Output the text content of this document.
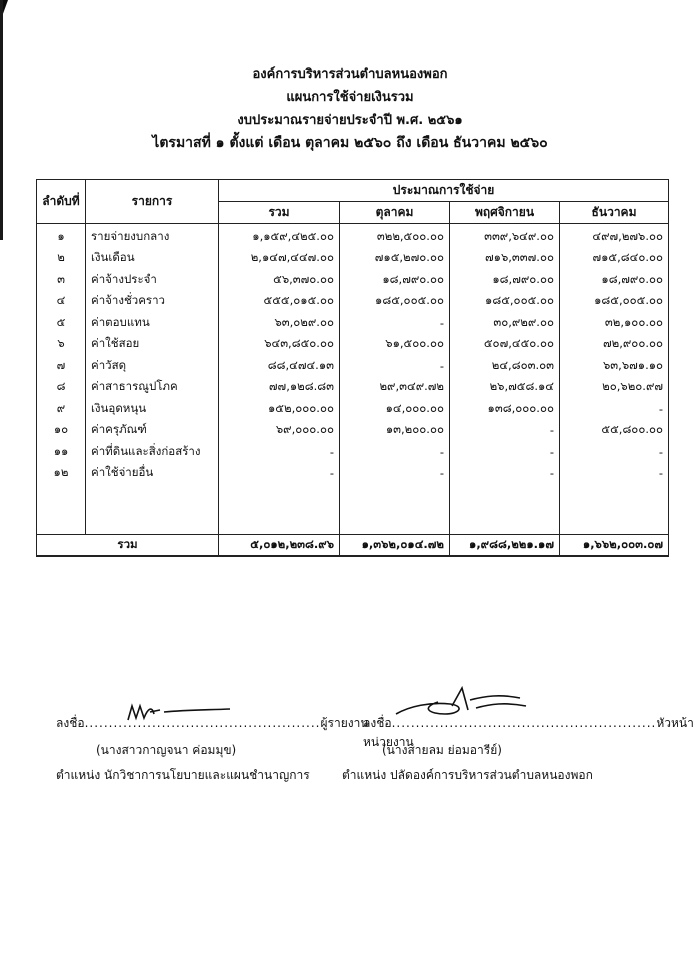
องค์การบริหารส่วนตำบลหนองพอก
แผนการใช้จ่ายเงินรวม
งบประมาณรายจ่ายประจำปี พ.ศ. ๒๕๖๑
ไตรมาสที่ ๑ ตั้งแต่ เดือน ตุลาคม ๒๕๖๐ ถึง เดือน ธันวาคม ๒๕๖๐
ลำดับที่	รายการ	ประมาณการใช้จ่าย			
		รวม	ตุลาคม	พฤศจิกายน	ธันวาคม
๑	รายจ่ายงบกลาง	๑,๑๕๙,๔๒๕.๐๐	๓๒๒,๕๐๐.๐๐	๓๓๙,๖๔๙.๐๐	๔๙๗,๒๗๖.๐๐
๒	เงินเดือน	๒,๑๔๗,๔๔๗.๐๐	๗๑๕,๒๗๐.๐๐	๗๑๖,๓๓๗.๐๐	๗๑๕,๘๔๐.๐๐
๓	ค่าจ้างประจำ	๕๖,๓๗๐.๐๐	๑๘,๗๙๐.๐๐	๑๘,๗๙๐.๐๐	๑๘,๗๙๐.๐๐
๔	ค่าจ้างชั่วคราว	๕๕๕,๐๑๕.๐๐	๑๘๕,๐๐๕.๐๐	๑๘๕,๐๐๕.๐๐	๑๘๕,๐๐๕.๐๐
๕	ค่าตอบแทน	๖๓,๐๒๙.๐๐	-	๓๐,๙๒๙.๐๐	๓๒,๑๐๐.๐๐
๖	ค่าใช้สอย	๖๔๓,๘๕๐.๐๐	๖๑,๕๐๐.๐๐	๕๐๗,๔๕๐.๐๐	๗๒,๙๐๐.๐๐
๗	ค่าวัสดุ	๘๘,๔๗๔.๑๓	-	๒๔,๘๐๓.๐๓	๖๓,๖๗๑.๑๐
๘	ค่าสาธารณูปโภค	๗๗,๑๒๘.๘๓	๒๙,๓๔๙.๗๒	๒๖,๗๕๘.๑๔	๒๐,๖๒๐.๙๗
๙	เงินอุดหนุน	๑๕๒,๐๐๐.๐๐	๑๔,๐๐๐.๐๐	๑๓๘,๐๐๐.๐๐	-
๑๐	ค่าครุภัณฑ์	๖๙,๐๐๐.๐๐	๑๓,๒๐๐.๐๐	-	๕๕,๘๐๐.๐๐
๑๑	ค่าที่ดินและสิ่งก่อสร้าง	-	-	-	-
๑๒	ค่าใช้จ่ายอื่น	-	-	-	-

รวม		๕,๐๑๒,๒๓๘.๙๖	๑,๓๖๒,๐๑๔.๗๒	๑,๙๘๘,๒๒๑.๑๗	๑,๖๖๒,๐๐๓.๐๗
ลงชื่อ.................................................ผู้รายงาน
(นางสาวกาญจนา ค่อมมุข)
ตำแหน่ง นักวิชาการนโยบายและแผนชำนาญการ
ลงชื่อ.......................................................หัวหน้าหน่วยงาน
(นางสายลม ย่อมอารีย์)
ตำแหน่ง ปลัดองค์การบริหารส่วนตำบลหนองพอก
